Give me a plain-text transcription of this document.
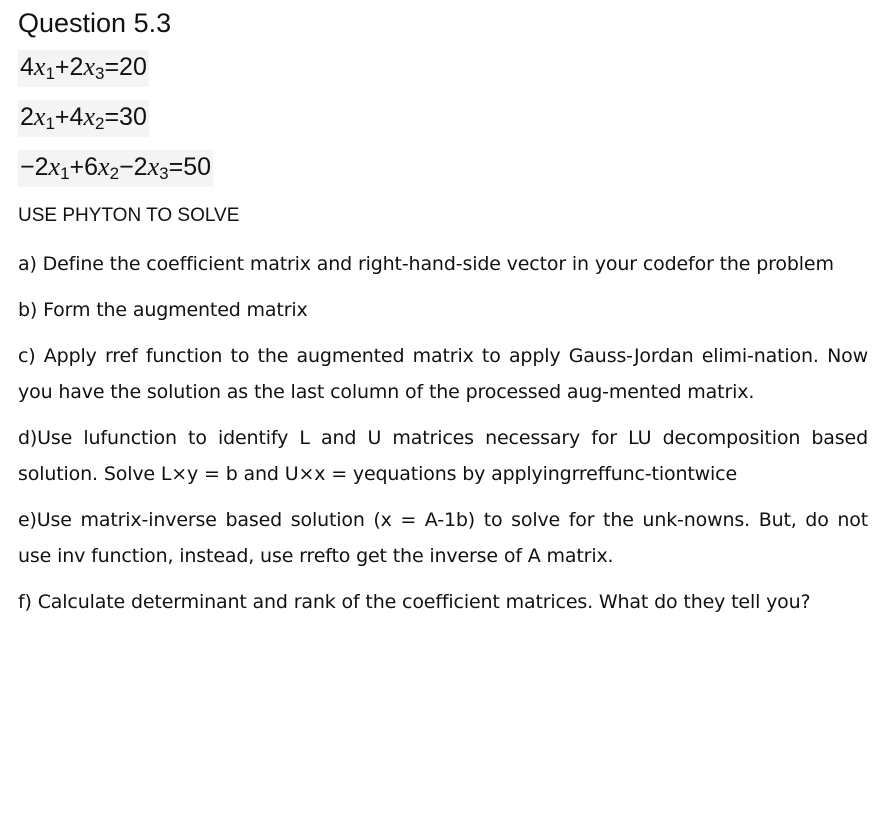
Question 5.3
4x1+2x3=20
2x1+4x2=30
−2x1+6x2−2x3=50

USE PHYTON TO SOLVE

a) Define the coefficient matrix and right-hand-side vector in your codefor the problem

b) Form the augmented matrix

c) Apply rref function to the augmented matrix to apply Gauss-Jordan elimi-nation. Now you have the solution as the last column of the processed aug-mented matrix.

d)Use lufunction to identify L and U matrices necessary for LU decomposition based solution. Solve L×y = b and U×x = yequations by applyingrreffunc-tiontwice

e)Use matrix-inverse based solution (x = A-1b) to solve for the unk-nowns. But, do not use inv function, instead, use rrefto get the inverse of A matrix.

f) Calculate determinant and rank of the coefficient matrices. What do they tell you?
